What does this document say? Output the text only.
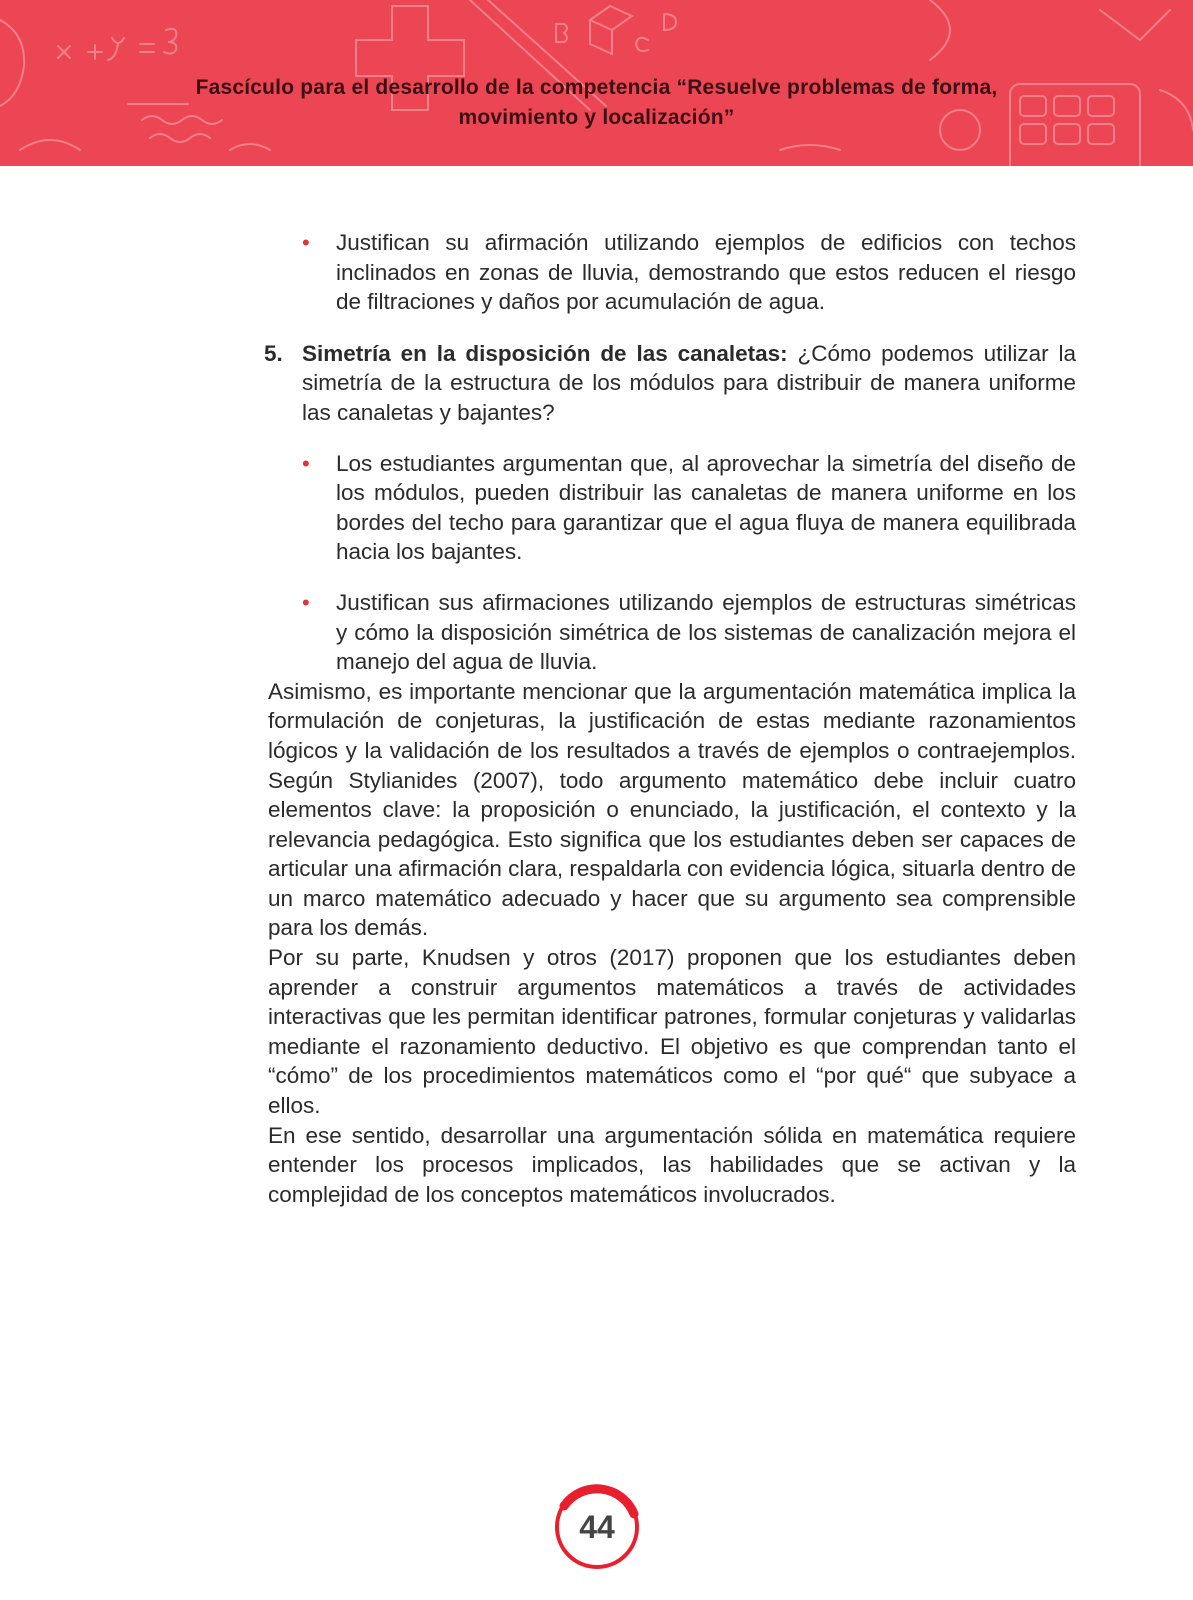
Fascículo para el desarrollo de la competencia “Resuelve problemas de forma,
movimiento y localización”
• Justifican su afirmación utilizando ejemplos de edificios con techos inclinados en zonas de lluvia, demostrando que estos reducen el riesgo de filtraciones y daños por acumulación de agua.
5. Simetría en la disposición de las canaletas: ¿Cómo podemos utilizar la simetría de la estructura de los módulos para distribuir de manera uniforme las canaletas y bajantes?
• Los estudiantes argumentan que, al aprovechar la simetría del diseño de los módulos, pueden distribuir las canaletas de manera uniforme en los bordes del techo para garantizar que el agua fluya de manera equilibrada hacia los bajantes.
• Justifican sus afirmaciones utilizando ejemplos de estructuras simétricas y cómo la disposición simétrica de los sistemas de canalización mejora el manejo del agua de lluvia.

Asimismo, es importante mencionar que la argumentación matemática implica la formulación de conjeturas, la justificación de estas mediante razonamientos lógicos y la validación de los resultados a través de ejemplos o contraejemplos. Según Stylianides (2007), todo argumento matemático debe incluir cuatro elementos clave: la proposición o enunciado, la justificación, el contexto y la relevancia pedagógica. Esto significa que los estudiantes deben ser capaces de articular una afirmación clara, respaldarla con evidencia lógica, situarla dentro de un marco matemático adecuado y hacer que su argumento sea comprensible para los demás.

Por su parte, Knudsen y otros (2017) proponen que los estudiantes deben aprender a construir argumentos matemáticos a través de actividades interactivas que les permitan identificar patrones, formular conjeturas y validarlas mediante el razonamiento deductivo. El objetivo es que comprendan tanto el “cómo” de los procedimientos matemáticos como el “por qué“ que subyace a ellos.

En ese sentido, desarrollar una argumentación sólida en matemática requiere entender los procesos implicados, las habilidades que se activan y la complejidad de los conceptos matemáticos involucrados.

44
